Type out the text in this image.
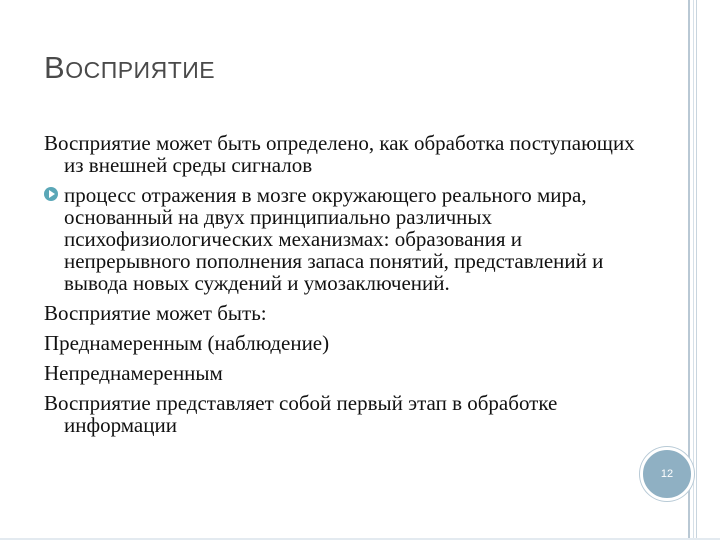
ВОСПРИЯТИЕ

Восприятие может быть определено, как обработка поступающих из внешней среды сигналов

процесс отражения в мозге окружающего реального мира, основанный на двух принципиально различных психофизиологических механизмах: образования и непрерывного пополнения запаса понятий, представлений и вывода новых суждений и умозаключений.

Восприятие может быть:

Преднамеренным (наблюдение)

Непреднамеренным

Восприятие представляет собой первый этап в обработке информации

12
